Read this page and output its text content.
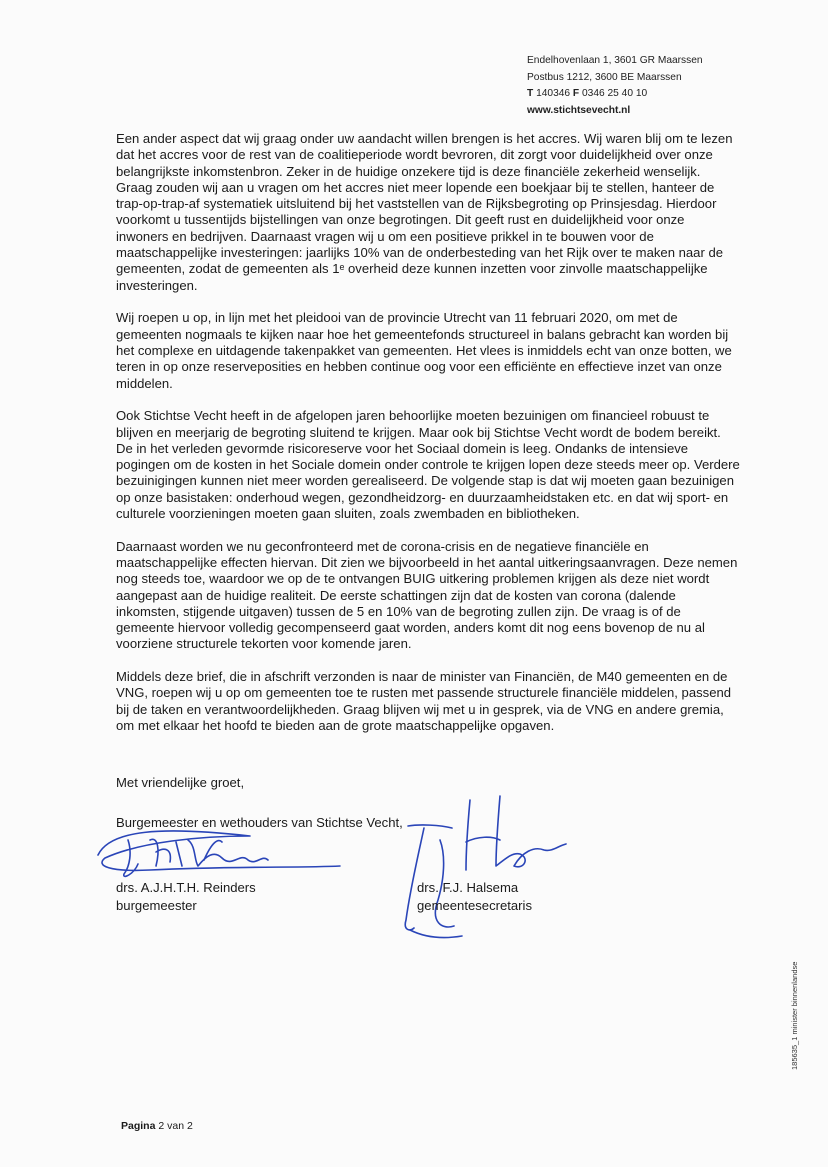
Endelhovenlaan 1, 3601 GR Maarssen
Postbus 1212, 3600 BE Maarssen
T 140346 F 0346 25 40 10
www.stichtsevecht.nl

Een ander aspect dat wij graag onder uw aandacht willen brengen is het accres. Wij waren blij om te lezen dat het accres voor de rest van de coalitieperiode wordt bevroren, dit zorgt voor duidelijkheid over onze belangrijkste inkomstenbron. Zeker in de huidige onzekere tijd is deze financiële zekerheid wenselijk. Graag zouden wij aan u vragen om het accres niet meer lopende een boekjaar bij te stellen, hanteer de trap-op-trap-af systematiek uitsluitend bij het vaststellen van de Rijksbegroting op Prinsjesdag. Hierdoor voorkomt u tussentijds bijstellingen van onze begrotingen. Dit geeft rust en duidelijkheid voor onze inwoners en bedrijven. Daarnaast vragen wij u om een positieve prikkel in te bouwen voor de maatschappelijke investeringen: jaarlijks 10% van de onderbesteding van het Rijk over te maken naar de gemeenten, zodat de gemeenten als 1ᵉ overheid deze kunnen inzetten voor zinvolle maatschappelijke investeringen.

Wij roepen u op, in lijn met het pleidooi van de provincie Utrecht van 11 februari 2020, om met de gemeenten nogmaals te kijken naar hoe het gemeentefonds structureel in balans gebracht kan worden bij het complexe en uitdagende takenpakket van gemeenten. Het vlees is inmiddels echt van onze botten, we teren in op onze reserveposities en hebben continue oog voor een efficiënte en effectieve inzet van onze middelen.

Ook Stichtse Vecht heeft in de afgelopen jaren behoorlijke moeten bezuinigen om financieel robuust te blijven en meerjarig de begroting sluitend te krijgen. Maar ook bij Stichtse Vecht wordt de bodem bereikt. De in het verleden gevormde risicoreserve voor het Sociaal domein is leeg. Ondanks de intensieve pogingen om de kosten in het Sociale domein onder controle te krijgen lopen deze steeds meer op. Verdere bezuinigingen kunnen niet meer worden gerealiseerd. De volgende stap is dat wij moeten gaan bezuinigen op onze basistaken: onderhoud wegen, gezondheidzorg- en duurzaamheidstaken etc. en dat wij sport- en culturele voorzieningen moeten gaan sluiten, zoals zwembaden en bibliotheken.

Daarnaast worden we nu geconfronteerd met de corona-crisis en de negatieve financiële en maatschappelijke effecten hiervan. Dit zien we bijvoorbeeld in het aantal uitkeringsaanvragen. Deze nemen nog steeds toe, waardoor we op de te ontvangen BUIG uitkering problemen krijgen als deze niet wordt aangepast aan de huidige realiteit. De eerste schattingen zijn dat de kosten van corona (dalende inkomsten, stijgende uitgaven) tussen de 5 en 10% van de begroting zullen zijn. De vraag is of de gemeente hiervoor volledig gecompenseerd gaat worden, anders komt dit nog eens bovenop de nu al voorziene structurele tekorten voor komende jaren.

Middels deze brief, die in afschrift verzonden is naar de minister van Financiën, de M40 gemeenten en de VNG, roepen wij u op om gemeenten toe te rusten met passende structurele financiële middelen, passend bij de taken en verantwoordelijkheden. Graag blijven wij met u in gesprek, via de VNG en andere gremia, om met elkaar het hoofd te bieden aan de grote maatschappelijke opgaven.

Met vriendelijke groet,
Burgemeester en wethouders van Stichtse Vecht,
drs. A.J.H.T.H. Reinders
burgemeester
drs. F.J. Halsema
gemeentesecretaris
Pagina 2 van 2
185635_1 minister binnenlandse
